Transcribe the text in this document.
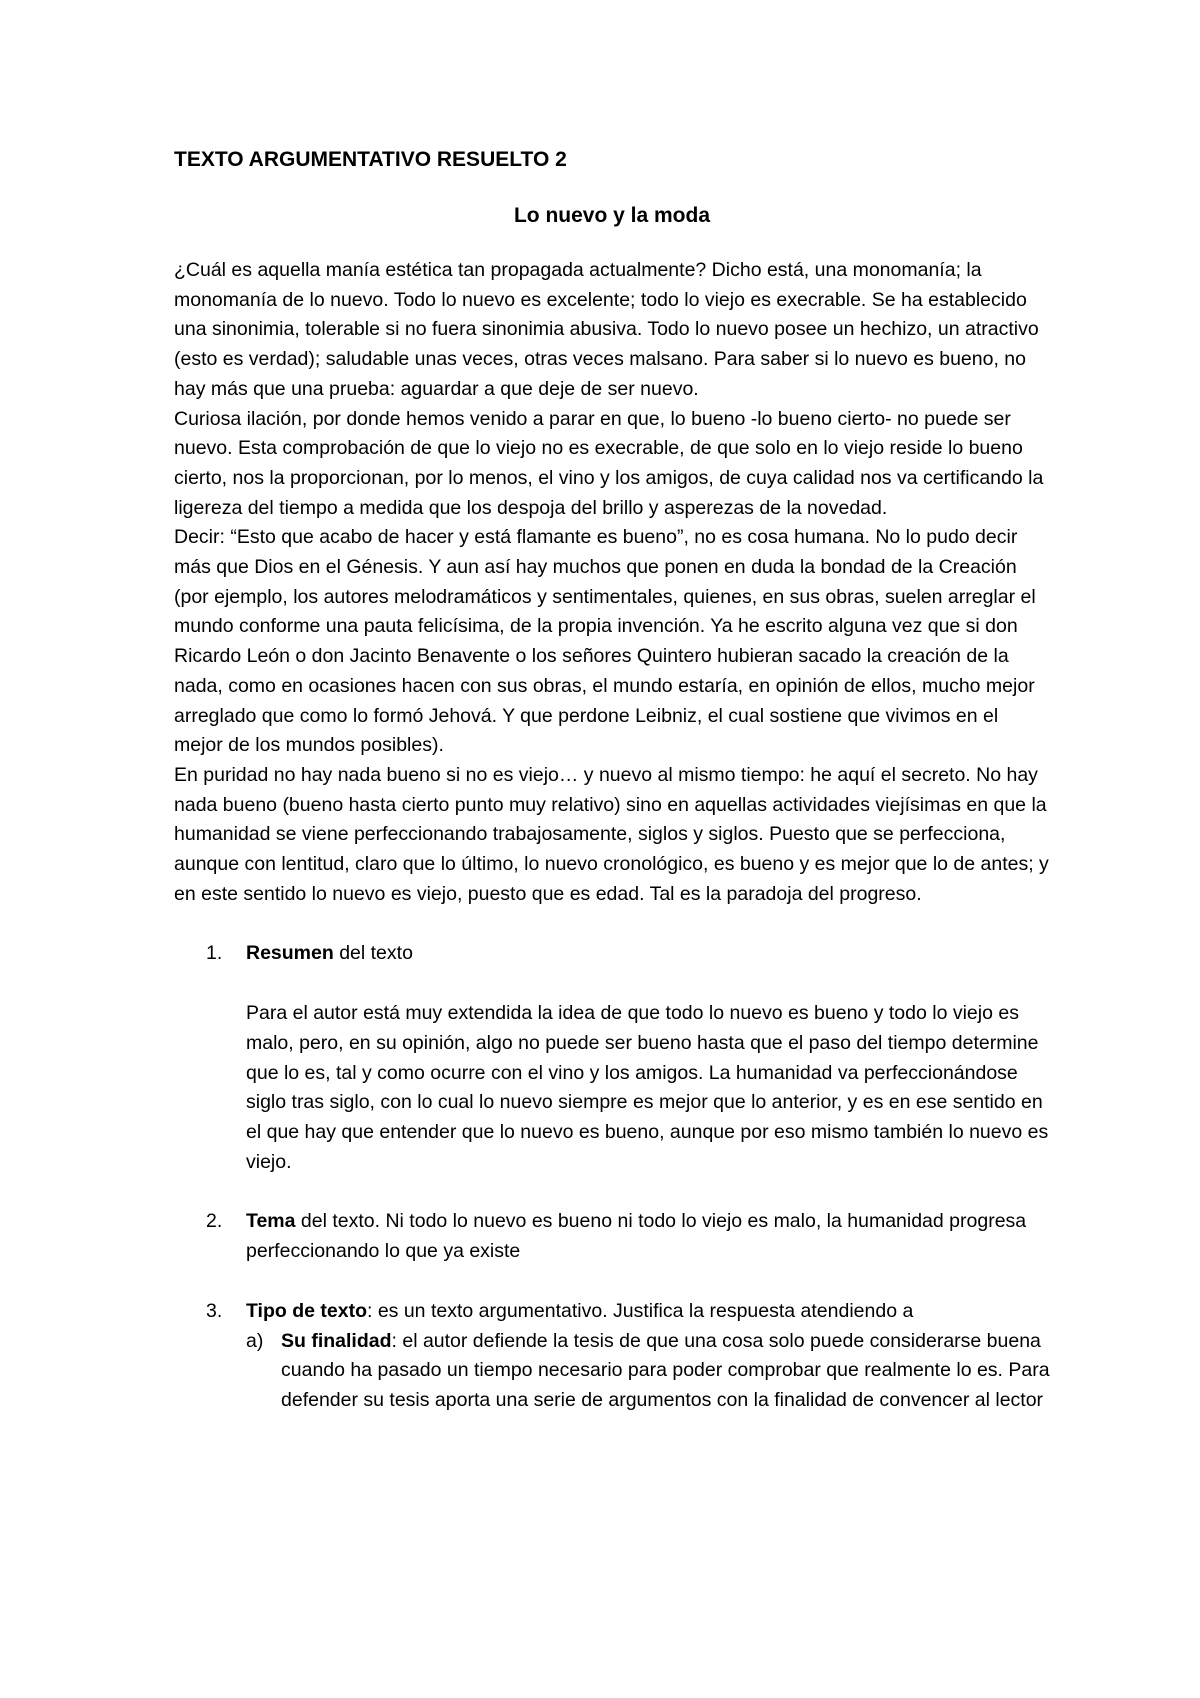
TEXTO ARGUMENTATIVO RESUELTO 2
Lo nuevo y la moda

¿Cuál es aquella manía estética tan propagada actualmente? Dicho está, una monomanía; la monomanía de lo nuevo. Todo lo nuevo es excelente; todo lo viejo es execrable. Se ha establecido una sinonimia, tolerable si no fuera sinonimia abusiva. Todo lo nuevo posee un hechizo, un atractivo (esto es verdad); saludable unas veces, otras veces malsano. Para saber si lo nuevo es bueno, no hay más que una prueba: aguardar a que deje de ser nuevo.

Curiosa ilación, por donde hemos venido a parar en que, lo bueno -lo bueno cierto- no puede ser nuevo. Esta comprobación de que lo viejo no es execrable, de que solo en lo viejo reside lo bueno cierto, nos la proporcionan, por lo menos, el vino y los amigos, de cuya calidad nos va certificando la ligereza del tiempo a medida que los despoja del brillo y asperezas de la novedad.

Decir: “Esto que acabo de hacer y está flamante es bueno”, no es cosa humana. No lo pudo decir más que Dios en el Génesis. Y aun así hay muchos que ponen en duda la bondad de la Creación (por ejemplo, los autores melodramáticos y sentimentales, quienes, en sus obras, suelen arreglar el mundo conforme una pauta felicísima, de la propia invención. Ya he escrito alguna vez que si don Ricardo León o don Jacinto Benavente o los señores Quintero hubieran sacado la creación de la nada, como en ocasiones hacen con sus obras, el mundo estaría, en opinión de ellos, mucho mejor arreglado que como lo formó Jehová. Y que perdone Leibniz, el cual sostiene que vivimos en el mejor de los mundos posibles).

En puridad no hay nada bueno si no es viejo… y nuevo al mismo tiempo: he aquí el secreto. No hay nada bueno (bueno hasta cierto punto muy relativo) sino en aquellas actividades viejísimas en que la humanidad se viene perfeccionando trabajosamente, siglos y siglos. Puesto que se perfecciona, aunque con lentitud, claro que lo último, lo nuevo cronológico, es bueno y es mejor que lo de antes; y en este sentido lo nuevo es viejo, puesto que es edad. Tal es la paradoja del progreso.

1. Resumen del texto
Para el autor está muy extendida la idea de que todo lo nuevo es bueno y todo lo viejo es malo, pero, en su opinión, algo no puede ser bueno hasta que el paso del tiempo determine que lo es, tal y como ocurre con el vino y los amigos. La humanidad va perfeccionándose siglo tras siglo, con lo cual lo nuevo siempre es mejor que lo anterior, y es en ese sentido en el que hay que entender que lo nuevo es bueno, aunque por eso mismo también lo nuevo es viejo.
2. Tema del texto. Ni todo lo nuevo es bueno ni todo lo viejo es malo, la humanidad progresa perfeccionando lo que ya existe
3. Tipo de texto: es un texto argumentativo. Justifica la respuesta atendiendo a
a) Su finalidad: el autor defiende la tesis de que una cosa solo puede considerarse buena cuando ha pasado un tiempo necesario para poder comprobar que realmente lo es. Para defender su tesis aporta una serie de argumentos con la finalidad de convencer al lector
